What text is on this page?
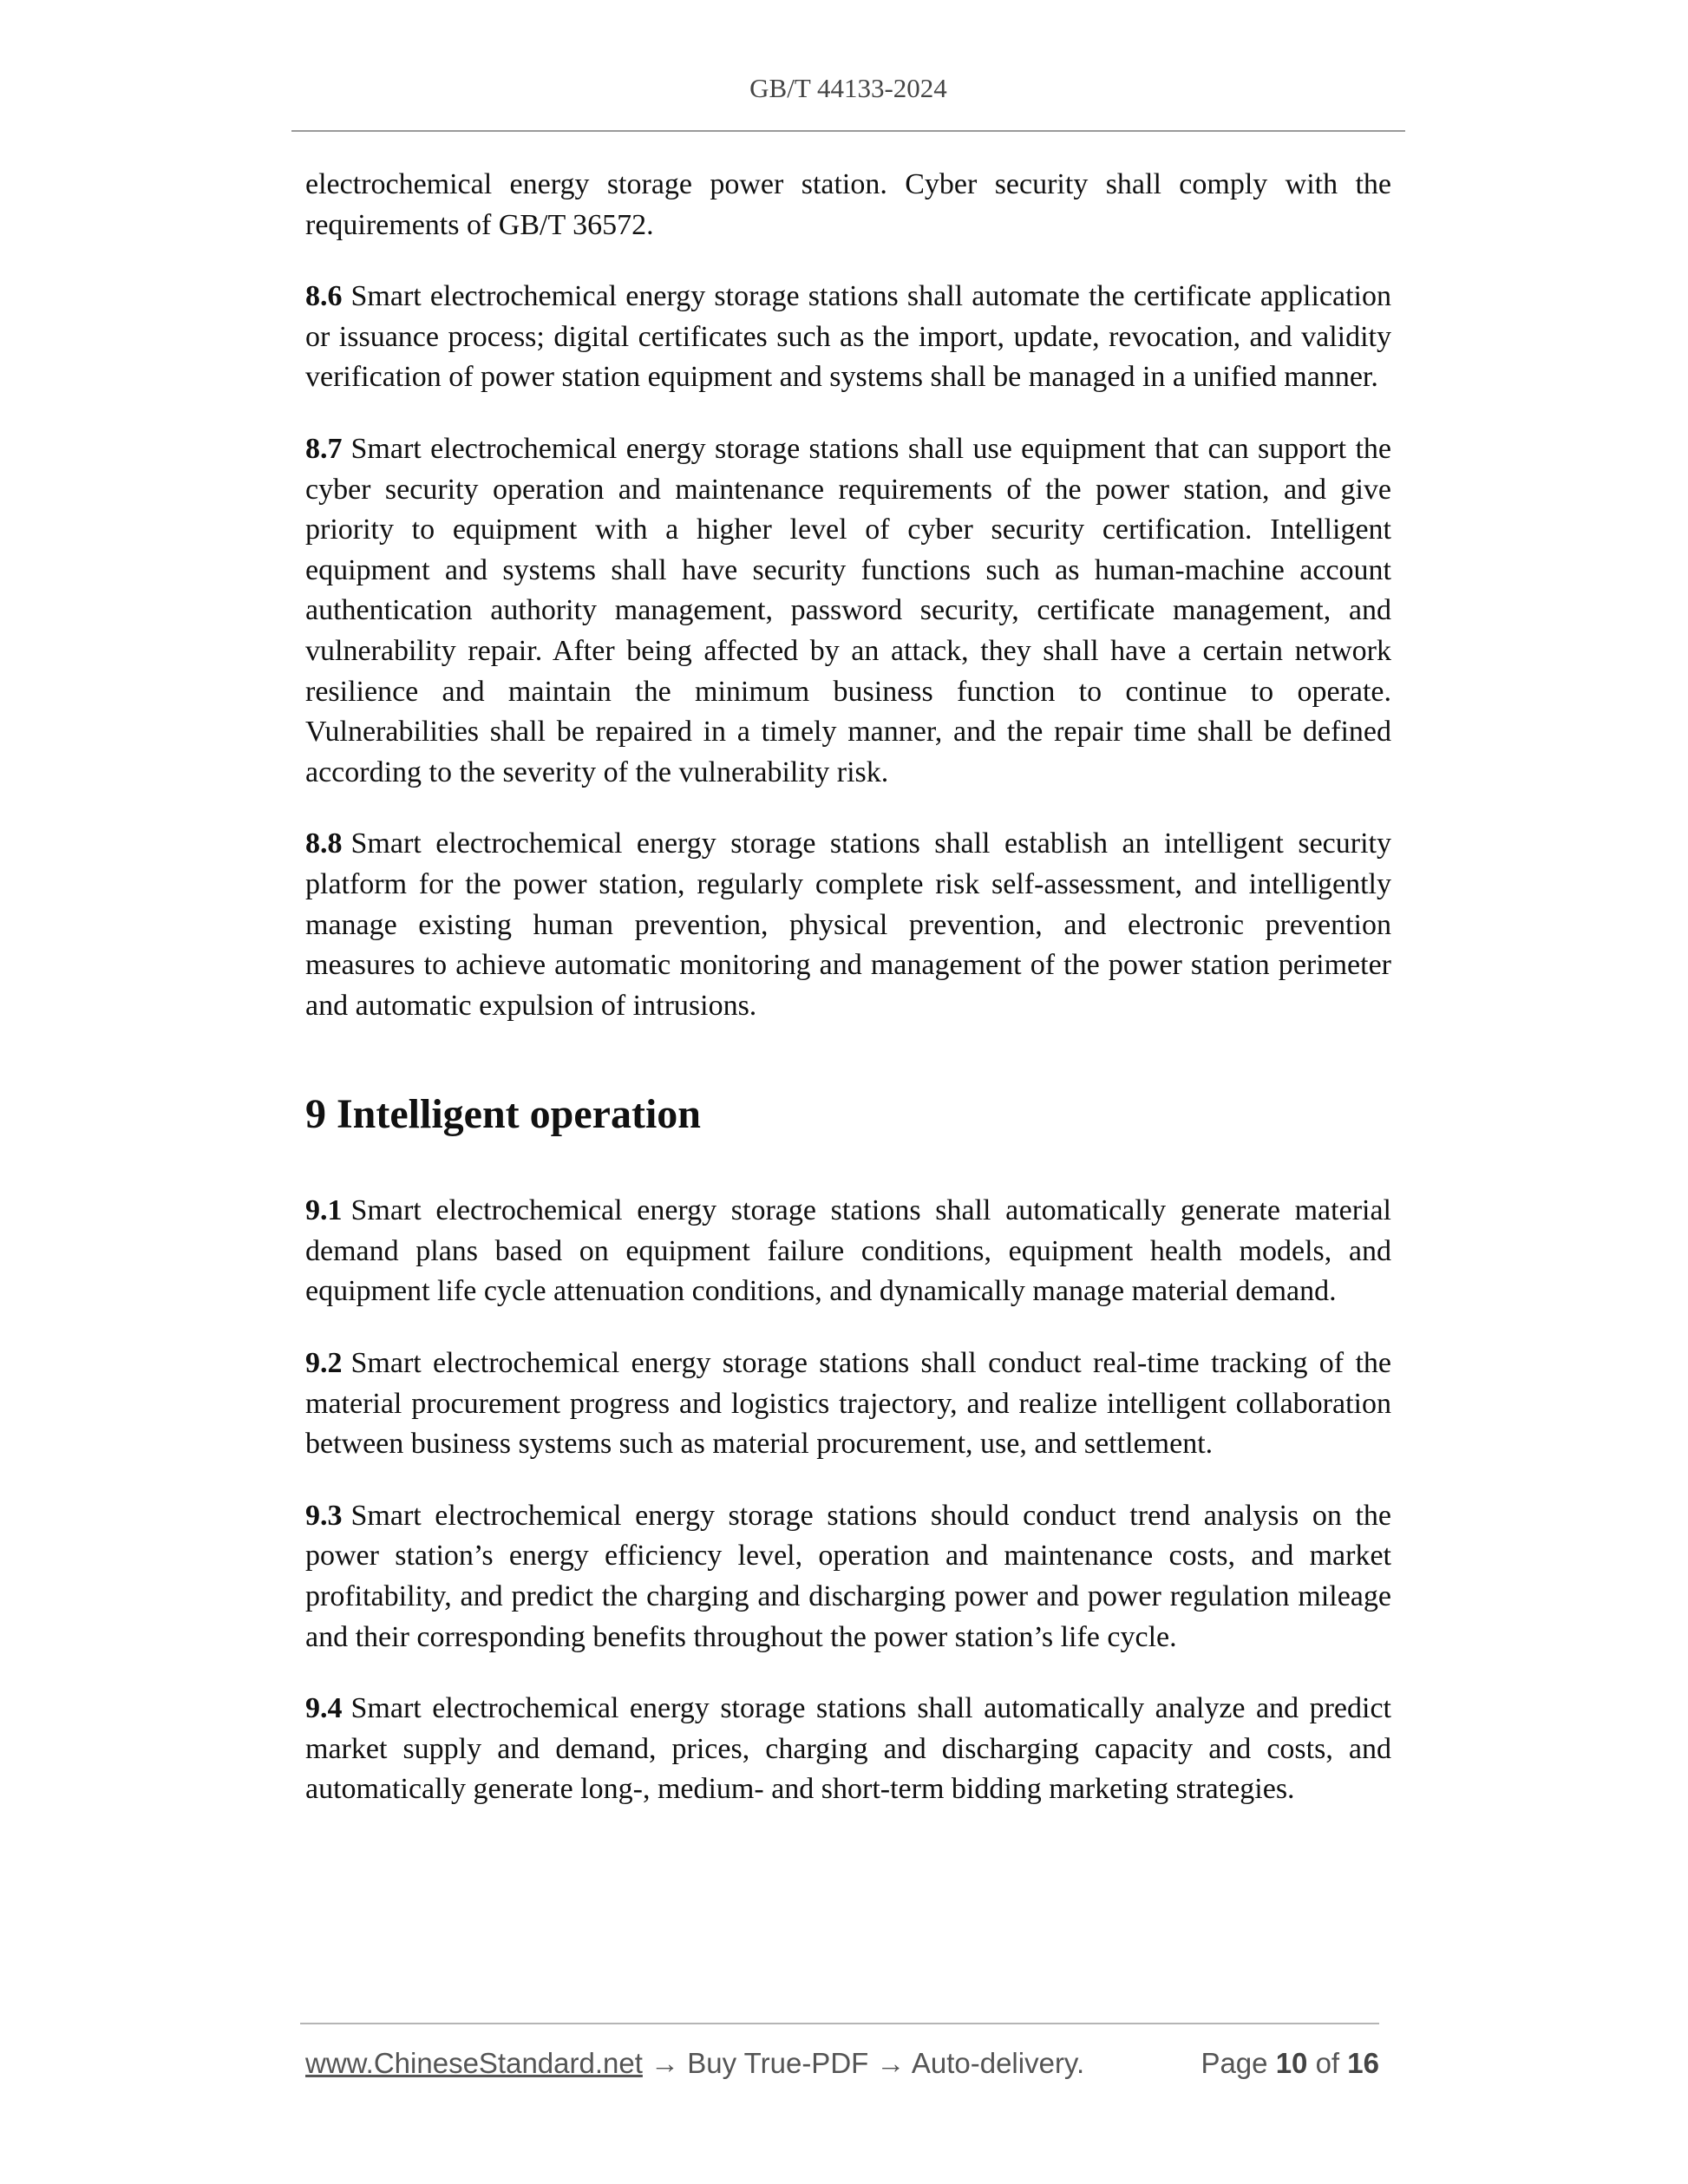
GB/T 44133-2024

electrochemical energy storage power station. Cyber security shall comply with the requirements of GB/T 36572.

8.6 Smart electrochemical energy storage stations shall automate the certificate application or issuance process; digital certificates such as the import, update, revocation, and validity verification of power station equipment and systems shall be managed in a unified manner.

8.7 Smart electrochemical energy storage stations shall use equipment that can support the cyber security operation and maintenance requirements of the power station, and give priority to equipment with a higher level of cyber security certification. Intelligent equipment and systems shall have security functions such as human-machine account authentication authority management, password security, certificate management, and vulnerability repair. After being affected by an attack, they shall have a certain network resilience and maintain the minimum business function to continue to operate. Vulnerabilities shall be repaired in a timely manner, and the repair time shall be defined according to the severity of the vulnerability risk.

8.8 Smart electrochemical energy storage stations shall establish an intelligent security platform for the power station, regularly complete risk self-assessment, and intelligently manage existing human prevention, physical prevention, and electronic prevention measures to achieve automatic monitoring and management of the power station perimeter and automatic expulsion of intrusions.

9 Intelligent operation

9.1 Smart electrochemical energy storage stations shall automatically generate material demand plans based on equipment failure conditions, equipment health models, and equipment life cycle attenuation conditions, and dynamically manage material demand.

9.2 Smart electrochemical energy storage stations shall conduct real-time tracking of the material procurement progress and logistics trajectory, and realize intelligent collaboration between business systems such as material procurement, use, and settlement.

9.3 Smart electrochemical energy storage stations should conduct trend analysis on the power station’s energy efficiency level, operation and maintenance costs, and market profitability, and predict the charging and discharging power and power regulation mileage and their corresponding benefits throughout the power station’s life cycle.

9.4 Smart electrochemical energy storage stations shall automatically analyze and predict market supply and demand, prices, charging and discharging capacity and costs, and automatically generate long-, medium- and short-term bidding marketing strategies.

www.ChineseStandard.net → Buy True-PDF → Auto-delivery.	Page 10 of 16
